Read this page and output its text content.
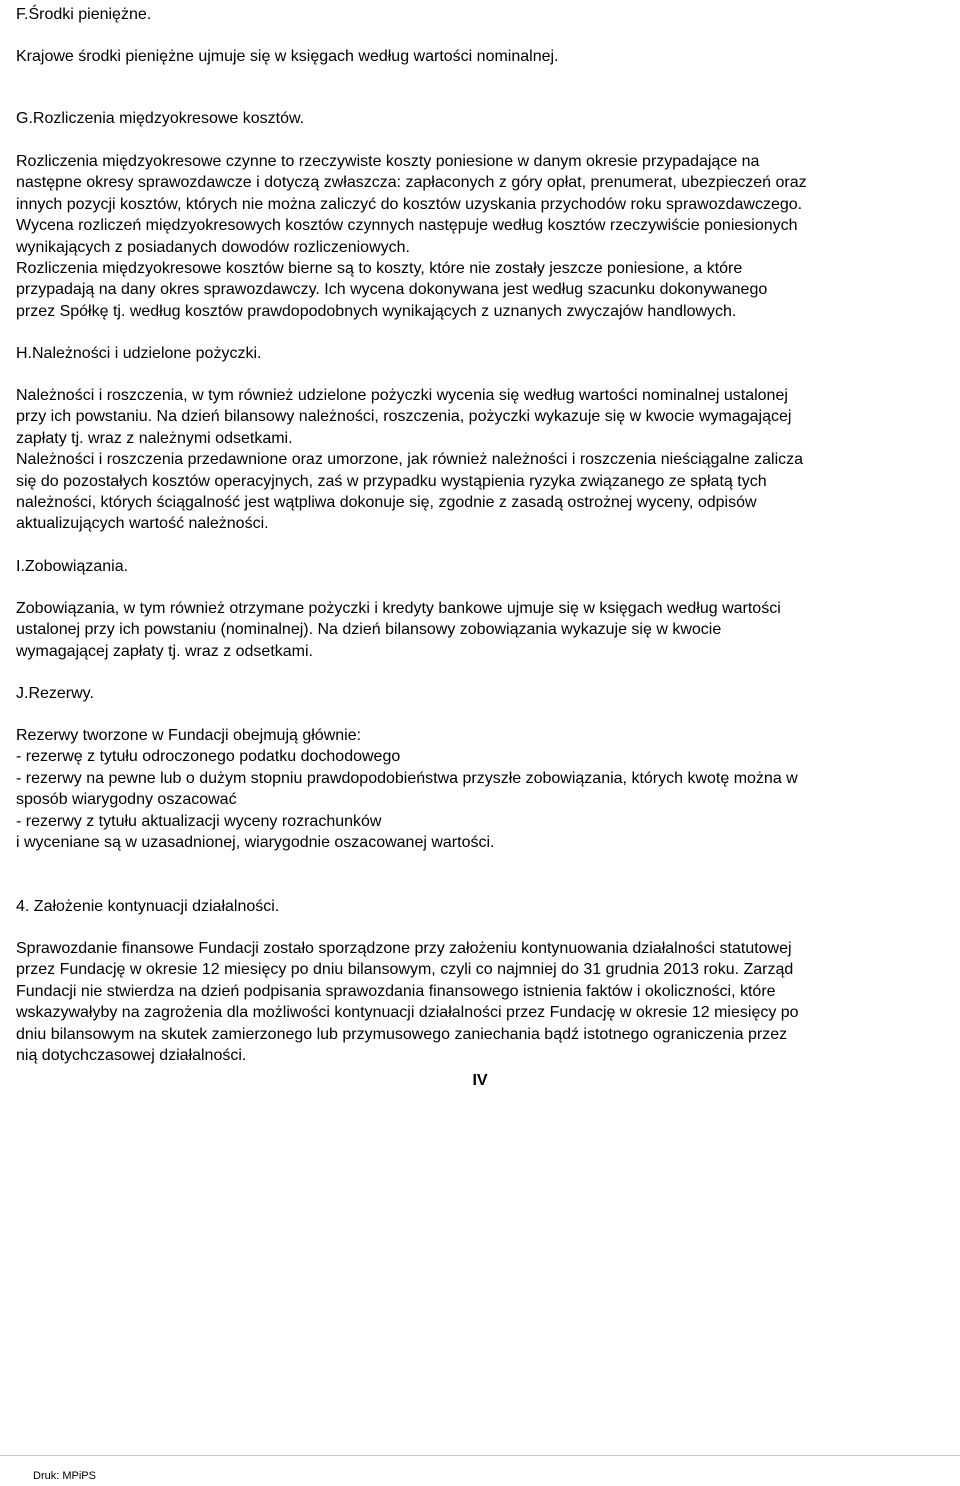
F.Środki pieniężne.
Krajowe środki pieniężne ujmuje się w księgach według wartości nominalnej.
G.Rozliczenia międzyokresowe kosztów.
Rozliczenia międzyokresowe czynne to rzeczywiste koszty poniesione w danym okresie przypadające na
następne okresy sprawozdawcze i dotyczą zwłaszcza: zapłaconych z góry opłat, prenumerat, ubezpieczeń oraz
innych pozycji kosztów, których nie można zaliczyć do kosztów uzyskania przychodów roku sprawozdawczego.
Wycena rozliczeń międzyokresowych kosztów czynnych następuje według kosztów rzeczywiście poniesionych
wynikających z posiadanych dowodów rozliczeniowych.
Rozliczenia międzyokresowe kosztów bierne są to koszty, które nie zostały jeszcze poniesione, a które
przypadają na dany okres sprawozdawczy. Ich wycena dokonywana jest według szacunku dokonywanego
przez Spółkę tj. według kosztów prawdopodobnych wynikających z uznanych zwyczajów handlowych.
H.Należności i udzielone pożyczki.
Należności i roszczenia, w tym również udzielone pożyczki wycenia się według wartości nominalnej ustalonej
przy ich powstaniu. Na dzień bilansowy należności, roszczenia, pożyczki wykazuje się w kwocie wymagającej
zapłaty tj. wraz z należnymi odsetkami.
Należności i roszczenia przedawnione oraz umorzone, jak również należności i roszczenia nieściągalne zalicza
się do pozostałych kosztów operacyjnych, zaś w przypadku wystąpienia ryzyka związanego ze spłatą tych
należności, których ściągalność jest wątpliwa dokonuje się, zgodnie z zasadą ostrożnej wyceny, odpisów
aktualizujących wartość należności.
I.Zobowiązania.
Zobowiązania, w tym również otrzymane pożyczki i kredyty bankowe ujmuje się w księgach według wartości
ustalonej przy ich powstaniu (nominalnej). Na dzień bilansowy zobowiązania wykazuje się w kwocie
wymagającej zapłaty tj. wraz z odsetkami.
J.Rezerwy.
Rezerwy tworzone w Fundacji obejmują głównie:
- rezerwę z tytułu odroczonego podatku dochodowego
- rezerwy na pewne lub o dużym stopniu prawdopodobieństwa przyszłe zobowiązania, których kwotę można w
sposób wiarygodny oszacować
- rezerwy z tytułu aktualizacji wyceny rozrachunków
i wyceniane są w uzasadnionej, wiarygodnie oszacowanej wartości.
4. Założenie kontynuacji działalności.
Sprawozdanie finansowe Fundacji zostało sporządzone przy założeniu kontynuowania działalności statutowej
przez Fundację w okresie 12 miesięcy po dniu bilansowym, czyli co najmniej do 31 grudnia 2013 roku. Zarząd
Fundacji nie stwierdza na dzień podpisania sprawozdania finansowego istnienia faktów i okoliczności, które
wskazywałyby na zagrożenia dla możliwości kontynuacji działalności przez Fundację w okresie 12 miesięcy po
dniu bilansowym na skutek zamierzonego lub przymusowego zaniechania bądź istotnego ograniczenia przez
nią dotychczasowej działalności.
IV
Druk: MPiPS
